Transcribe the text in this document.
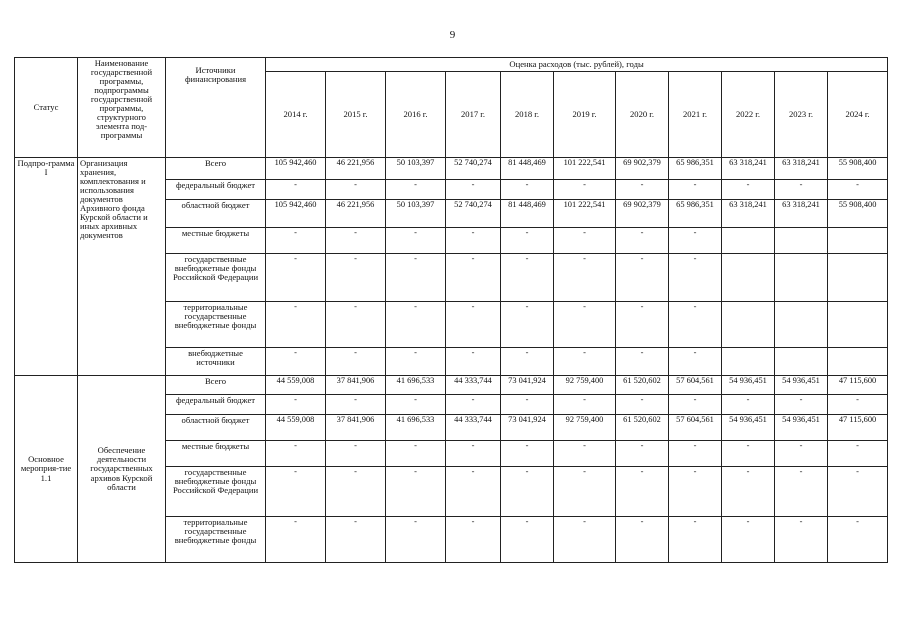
9
Статус	Наименование государственной программы, подпрограммы государственной программы, структурного элемента под-программы	Источники финансирования	Оценка расходов (тыс. рублей), годы										
			2014 г.	2015 г.	2016 г.	2017 г.	2018 г.	2019 г.	2020 г.	2021 г.	2022 г.	2023 г.	2024 г.
Подпро-грамма I	Организация хранения, комплектования и использования документов Архивного фонда Курской области и иных архивных документов	Всего	105 942,460	46 221,956	50 103,397	52 740,274	81 448,469	101 222,541	69 902,379	65 986,351	63 318,241	63 318,241	55 908,400
		федеральный бюджет	-	-	-	-	-	-	-	-	-	-	-
		областной бюджет	105 942,460	46 221,956	50 103,397	52 740,274	81 448,469	101 222,541	69 902,379	65 986,351	63 318,241	63 318,241	55 908,400
		местные бюджеты	-	-	-	-	-	-	-	-			
		государственные внебюджетные фонды Российской Федерации	-	-	-	-	-	-	-	-			
		территориальные государственные внебюджетные фонды	-	-	-	-	-	-	-	-			
		внебюджетные источники	-	-	-	-	-	-	-	-			
Основное мероприя-тие 1.1	Обеспечение деятельности государственных архивов Курской области	Всего	44 559,008	37 841,906	41 696,533	44 333,744	73 041,924	92 759,400	61 520,602	57 604,561	54 936,451	54 936,451	47 115,600
		федеральный бюджет	-	-	-	-	-	-	-	-	-	-	-
		областной бюджет	44 559,008	37 841,906	41 696,533	44 333,744	73 041,924	92 759,400	61 520,602	57 604,561	54 936,451	54 936,451	47 115,600
		местные бюджеты	-	-	-	-	-	-	-	-	-	-	-
		государственные внебюджетные фонды Российской Федерации	-	-	-	-	-	-	-	-	-	-	-
		территориальные государственные внебюджетные фонды	-	-	-	-	-	-	-	-	-	-	-
